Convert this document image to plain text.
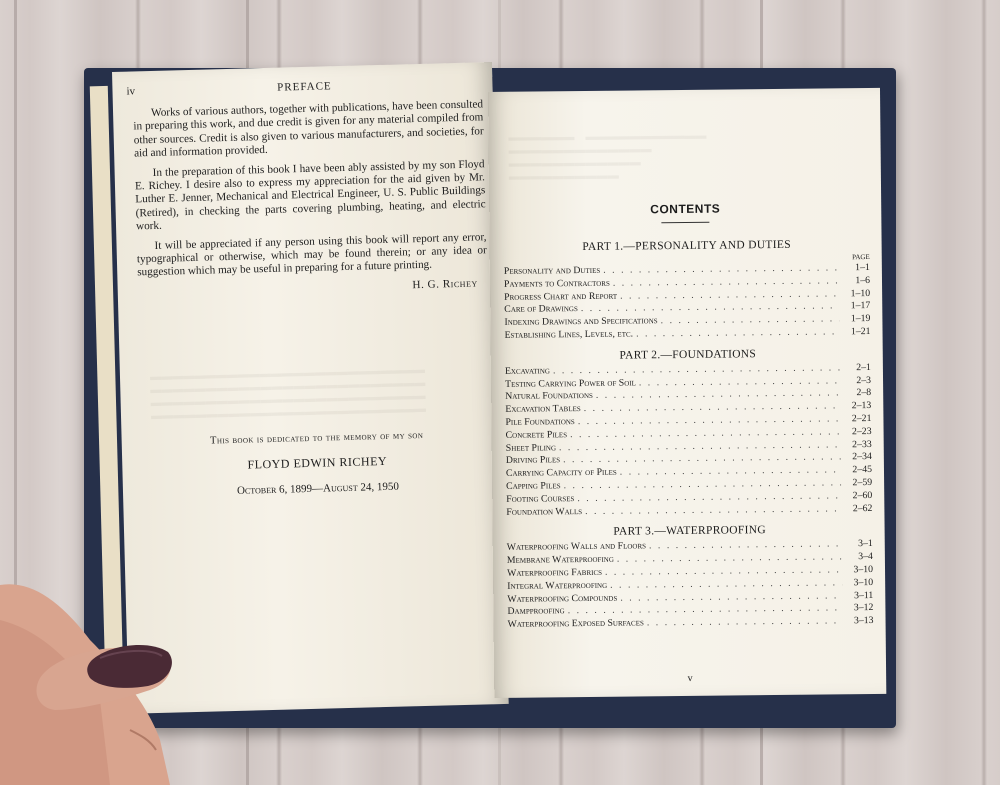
▬▬▬▬▬▬▬▬▬▬▬▬▬▬▬▬▬▬▬▬▬▬▬▬▬
▬▬▬▬▬▬▬▬▬▬▬▬▬▬▬▬▬▬▬▬▬▬▬▬▬
▬▬▬▬▬▬▬▬▬▬▬▬▬▬▬▬▬▬▬▬▬▬▬▬▬
▬▬▬▬▬▬▬▬▬▬▬▬▬▬▬▬▬▬▬▬▬▬▬▬▬
iv	PREFACE

Works of various authors, together with publications, have been consulted in preparing this work, and due credit is given for any material compiled from other sources. Credit is also given to various manufacturers, and societies, for aid and information provided.

In the preparation of this book I have been ably assisted by my son Floyd E. Richey. I desire also to express my appreciation for the aid given by Mr. Luther E. Jenner, Mechanical and Electrical Engineer, U. S. Public Buildings (Retired), in checking the parts covering plumbing, heating, and electric work.

It will be appreciated if any person using this book will report any error, typographical or otherwise, which may be found therein; or any idea or suggestion which may be useful in preparing for a future printing.

H. G. Richey
This book is dedicated to the memory of my son
FLOYD EDWIN RICHEY
October 6, 1899—August 24, 1950
▬▬▬▬▬▬    ▬▬▬▬▬▬▬▬▬▬▬
▬▬▬▬▬▬▬▬▬▬▬▬▬
▬▬▬▬▬▬▬▬▬▬▬▬
▬▬▬▬▬▬▬▬▬▬
CONTENTS
PART 1.—PERSONALITY AND DUTIES
PAGE
Personality and Duties . . .	1–1
Payments to Contractors . . .	1–6
Progress Chart and Report . . .	1–10
Care of Drawings . . .	1–17
Indexing Drawings and Specifications . . .	1–19
Establishing Lines, Levels, etc. . . .	1–21
PART 2.—FOUNDATIONS
Excavating . . .	2–1
Testing Carrying Power of Soil . . .	2–3
Natural Foundations . . .	2–8
Excavation Tables . . .	2–13
Pile Foundations . . .	2–21
Concrete Piles . . .	2–23
Sheet Piling . . .	2–33
Driving Piles . . .	2–34
Carrying Capacity of Piles . . .	2–45
Capping Piles . . .	2–59
Footing Courses . . .	2–60
Foundation Walls . . .	2–62
PART 3.—WATERPROOFING
Waterproofing Walls and Floors . . .	3–1
Membrane Waterproofing . . .	3–4
Waterproofing Fabrics . . .	3–10
Integral Waterproofing . . .	3–10
Waterproofing Compounds . . .	3–11
Dampproofing . . .	3–12
Waterproofing Exposed Surfaces . . .	3–13
v
